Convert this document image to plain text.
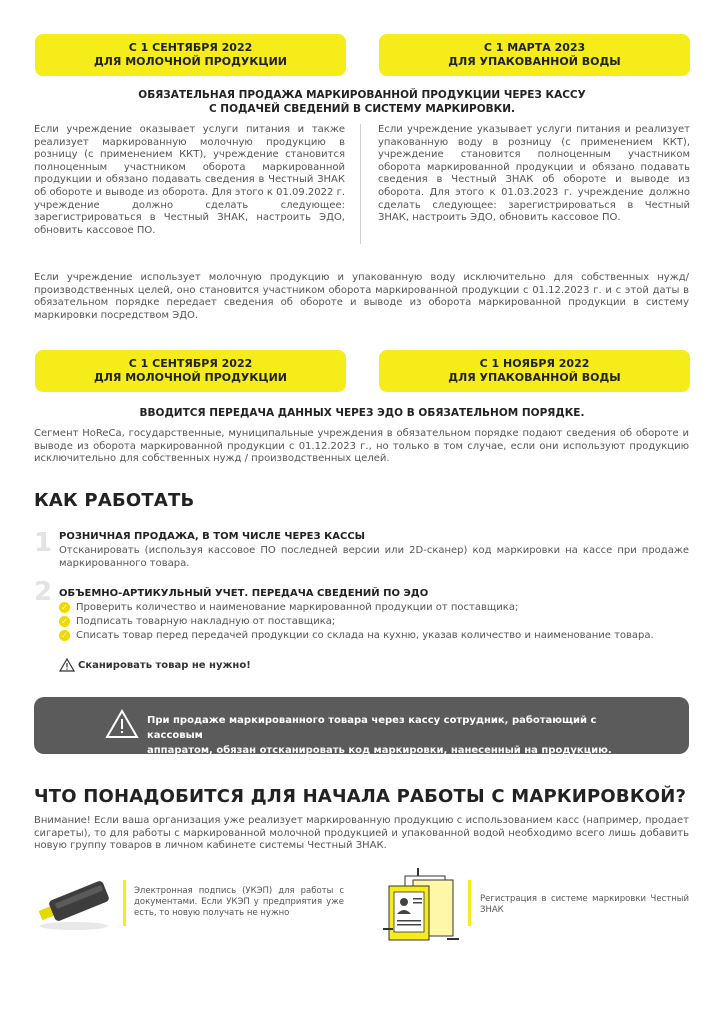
С 1 СЕНТЯБРЯ 2022
ДЛЯ МОЛОЧНОЙ ПРОДУКЦИИ
С 1 МАРТА 2023
ДЛЯ УПАКОВАННОЙ ВОДЫ
ОБЯЗАТЕЛЬНАЯ ПРОДАЖА МАРКИРОВАННОЙ ПРОДУКЦИИ ЧЕРЕЗ КАССУ
С ПОДАЧЕЙ СВЕДЕНИЙ В СИСТЕМУ МАРКИРОВКИ.
Если учреждение оказывает услуги питания и также реализует маркированную молочную продукцию в розницу (с применением ККТ), учреждение становится полноценным участником оборота маркированной продукции и обязано подавать сведения в Честный ЗНАК об обороте и выводе из оборота. Для этого к 01.09.2022 г. учреждение должно сделать следующее: зарегистрироваться в Честный ЗНАК, настроить ЭДО, обновить кассовое ПО.
Если учреждение указывает услуги питания и реализует упакованную воду в розницу (с применением ККТ), учреждение становится полноценным участником оборота маркированной продукции и обязано подавать сведения в Честный ЗНАК об обороте и выводе из оборота. Для этого к 01.03.2023 г. учреждение должно сделать следующее: зарегистрироваться в Честный ЗНАК, настроить ЭДО, обновить кассовое ПО.
Если учреждение использует молочную продукцию и упакованную воду исключительно для собственных нужд/производственных целей, оно становится участником оборота маркированной продукции с 01.12.2023 г. и с этой даты в обязательном порядке передает сведения об обороте и выводе из оборота маркированной продукции в систему маркировки посредством ЭДО.
С 1 СЕНТЯБРЯ 2022
ДЛЯ МОЛОЧНОЙ ПРОДУКЦИИ
С 1 НОЯБРЯ 2022
ДЛЯ УПАКОВАННОЙ ВОДЫ
ВВОДИТСЯ ПЕРЕДАЧА ДАННЫХ ЧЕРЕЗ ЭДО В ОБЯЗАТЕЛЬНОМ ПОРЯДКЕ.
Сегмент HoReCa, государственные, муниципальные учреждения в обязательном порядке подают сведения об обороте и выводе из оборота маркированной продукции с 01.12.2023 г., но только в том случае, если они используют продукцию исключительно для собственных нужд / производственных целей.
КАК РАБОТАТЬ
1 РОЗНИЧНАЯ ПРОДАЖА, В ТОМ ЧИСЛЕ ЧЕРЕЗ КАССЫ
Отсканировать (используя кассовое ПО последней версии или 2D-сканер) код маркировки на кассе при продаже маркированного товара.
2 ОБЪЕМНО-АРТИКУЛЬНЫЙ УЧЕТ. ПЕРЕДАЧА СВЕДЕНИЙ ПО ЭДО
✓ Проверить количество и наименование маркированной продукции от поставщика;
✓ Подписать товарную накладную от поставщика;
✓ Списать товар перед передачей продукции со склада на кухню, указав количество и наименование товара.
Сканировать товар не нужно!
При продаже маркированного товара через кассу сотрудник, работающий с кассовым
аппаратом, обязан отсканировать код маркировки, нанесенный на продукцию.
ЧТО ПОНАДОБИТСЯ ДЛЯ НАЧАЛА РАБОТЫ С МАРКИРОВКОЙ?
Внимание! Если ваша организация уже реализует маркированную продукцию с использованием касс (например, продает сигареты), то для работы с маркированной молочной продукцией и упакованной водой необходимо всего лишь добавить новую группу товаров в личном кабинете системы Честный ЗНАК.
Электронная подпись (УКЭП) для работы с документами. Если УКЭП у предприятия уже есть, то новую получать не нужно
Регистрация в системе маркировки Честный ЗНАК
